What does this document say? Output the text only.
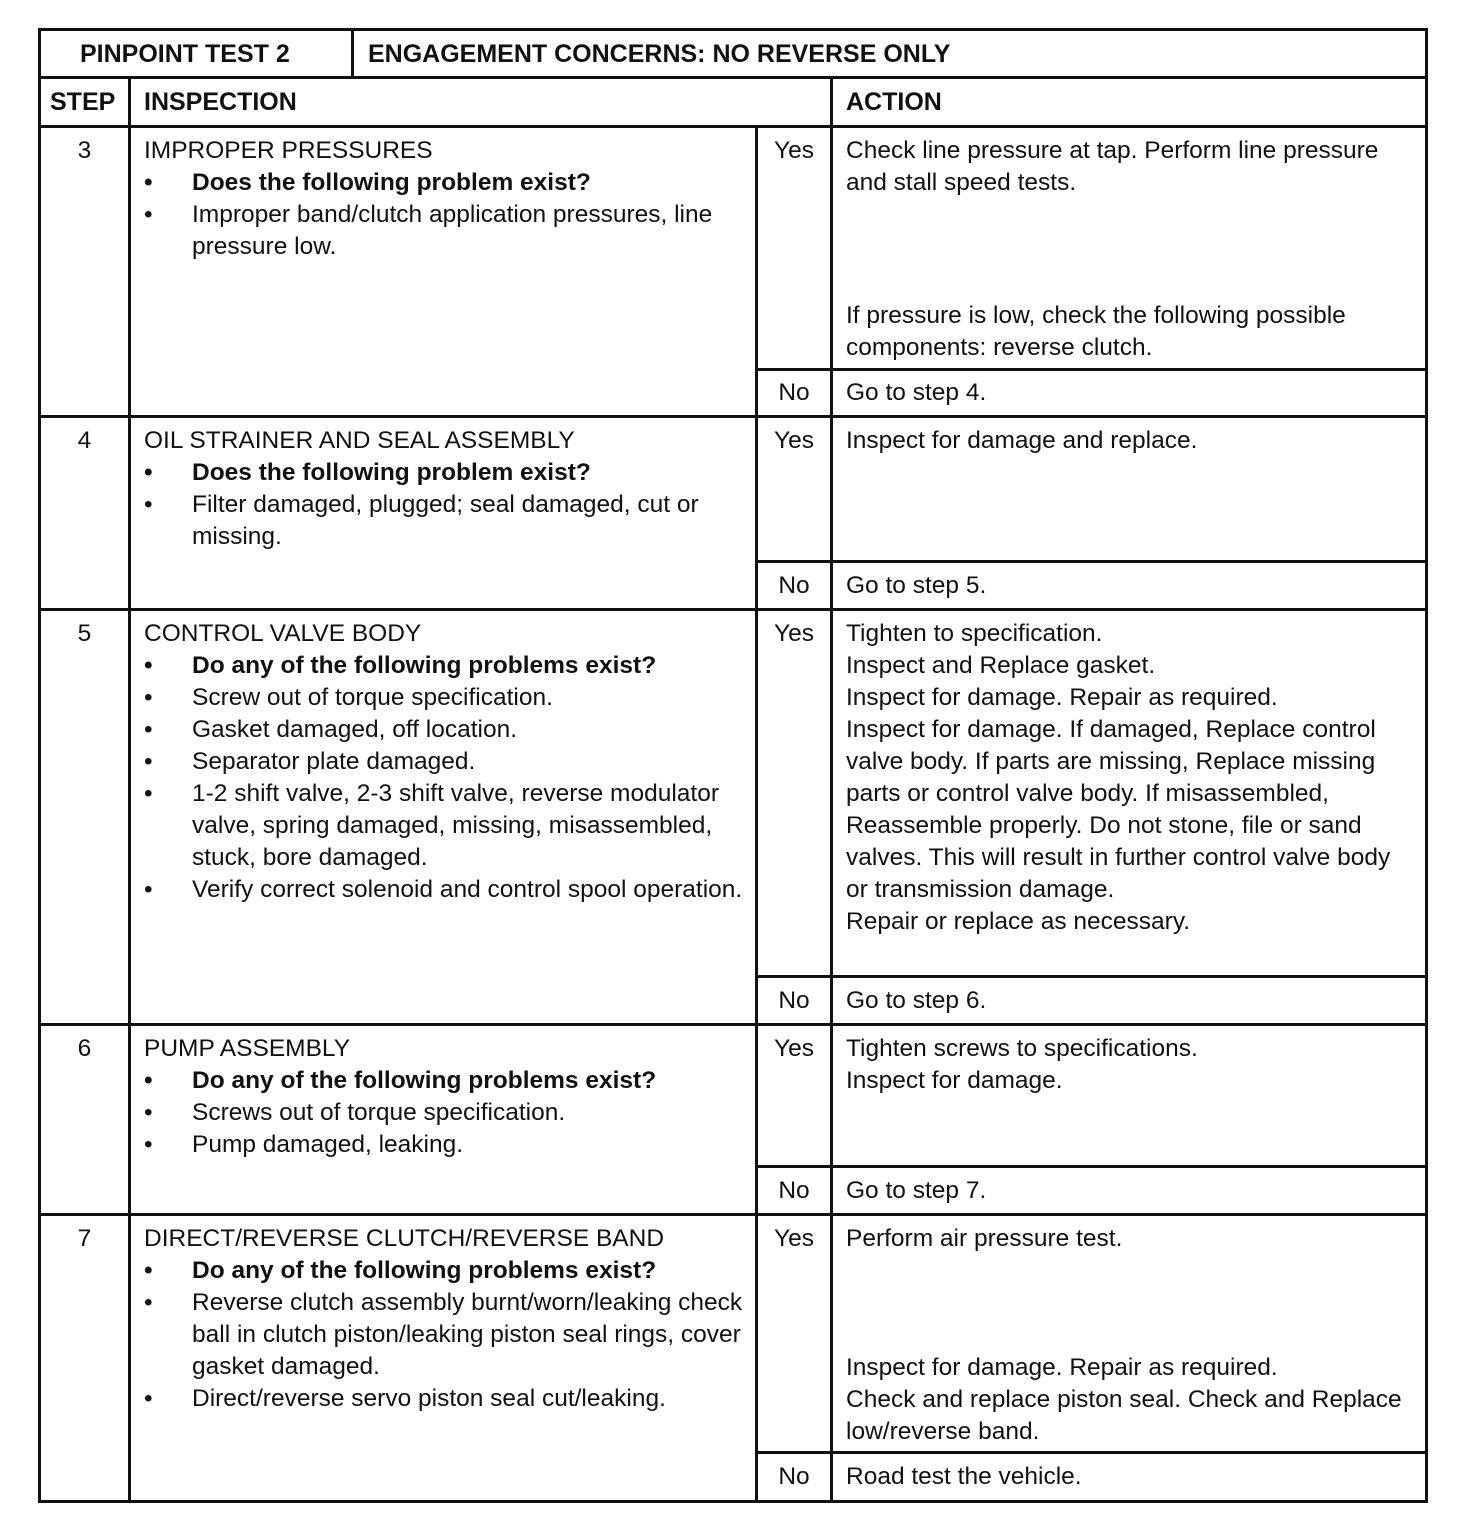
PINPOINT TEST 2	ENGAGEMENT CONCERNS: NO REVERSE ONLY
STEP	INSPECTION	ACTION
3	IMPROPER PRESSURES
• Does the following problem exist?
• Improper band/clutch application pressures, line pressure low.
Yes	Check line pressure at tap. Perform line pressure and stall speed tests.
If pressure is low, check the following possible components: reverse clutch.
No	Go to step 4.
4	OIL STRAINER AND SEAL ASSEMBLY
• Does the following problem exist?
• Filter damaged, plugged; seal damaged, cut or missing.
Yes	Inspect for damage and replace.
No	Go to step 5.
5	CONTROL VALVE BODY
• Do any of the following problems exist?
• Screw out of torque specification.
• Gasket damaged, off location.
• Separator plate damaged.
• 1-2 shift valve, 2-3 shift valve, reverse modulator valve, spring damaged, missing, misassembled, stuck, bore damaged.
• Verify correct solenoid and control spool operation.
Yes	Tighten to specification.
Inspect and Replace gasket.
Inspect for damage. Repair as required.
Inspect for damage. If damaged, Replace control valve body. If parts are missing, Replace missing parts or control valve body. If misassembled, Reassemble properly. Do not stone, file or sand valves. This will result in further control valve body or transmission damage.
Repair or replace as necessary.
No	Go to step 6.
6	PUMP ASSEMBLY
• Do any of the following problems exist?
• Screws out of torque specification.
• Pump damaged, leaking.
Yes	Tighten screws to specifications.
Inspect for damage.
No	Go to step 7.
7	DIRECT/REVERSE CLUTCH/REVERSE BAND
• Do any of the following problems exist?
• Reverse clutch assembly burnt/worn/leaking check ball in clutch piston/leaking piston seal rings, cover gasket damaged.
• Direct/reverse servo piston seal cut/leaking.
Yes	Perform air pressure test.
Inspect for damage. Repair as required.
Check and replace piston seal. Check and Replace low/reverse band.
No	Road test the vehicle.
